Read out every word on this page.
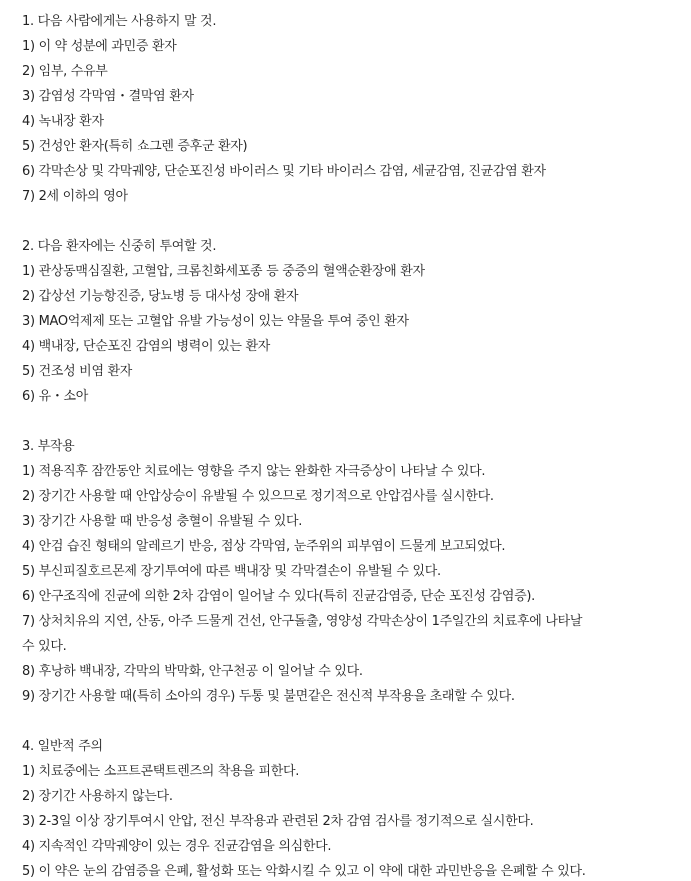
1. 다음 사람에게는 사용하지 말 것.
1) 이 약 성분에 과민증 환자
2) 임부, 수유부
3) 감염성 각막염・결막염 환자
4) 녹내장 환자
5) 건성안 환자(특히 쇼그렌 증후군 환자)
6) 각막손상 및 각막궤양, 단순포진성 바이러스 및 기타 바이러스 감염, 세균감염, 진균감염 환자
7) 2세 이하의 영아
2. 다음 환자에는 신중히 투여할 것.
1) 관상동맥심질환, 고혈압, 크롬친화세포종 등 중증의 혈액순환장애 환자
2) 갑상선 기능항진증, 당뇨병 등 대사성 장애 환자
3) MAO억제제 또는 고혈압 유발 가능성이 있는 약물을 투여 중인 환자
4) 백내장, 단순포진 감염의 병력이 있는 환자
5) 건조성 비염 환자
6) 유・소아
3. 부작용
1) 적용직후 잠깐동안 치료에는 영향을 주지 않는 완화한 자극증상이 나타날 수 있다.
2) 장기간 사용할 때 안압상승이 유발될 수 있으므로 정기적으로 안압검사를 실시한다.
3) 장기간 사용할 때 반응성 충혈이 유발될 수 있다.
4) 안검 습진 형태의 알레르기 반응, 점상 각막염, 눈주위의 피부염이 드물게 보고되었다.
5) 부신피질호르몬제 장기투여에 따른 백내장 및 각막결손이 유발될 수 있다.
6) 안구조직에 진균에 의한 2차 감염이 일어날 수 있다(특히 진균감염증, 단순 포진성 감염증).
7) 상처치유의 지연, 산동, 아주 드물게 건선, 안구돌출, 영양성 각막손상이 1주일간의 치료후에 나타날
수 있다.
8) 후낭하 백내장, 각막의 박막화, 안구천공 이 일어날 수 있다.
9) 장기간 사용할 때(특히 소아의 경우) 두통 및 불면같은 전신적 부작용을 초래할 수 있다.
4. 일반적 주의
1) 치료중에는 소프트콘택트렌즈의 착용을 피한다.
2) 장기간 사용하지 않는다.
3) 2-3일 이상 장기투여시 안압, 전신 부작용과 관련된 2차 감염 검사를 정기적으로 실시한다.
4) 지속적인 각막궤양이 있는 경우 진균감염을 의심한다.
5) 이 약은 눈의 감염증을 은폐, 활성화 또는 악화시킬 수 있고 이 약에 대한 과민반응을 은폐할 수 있다.
